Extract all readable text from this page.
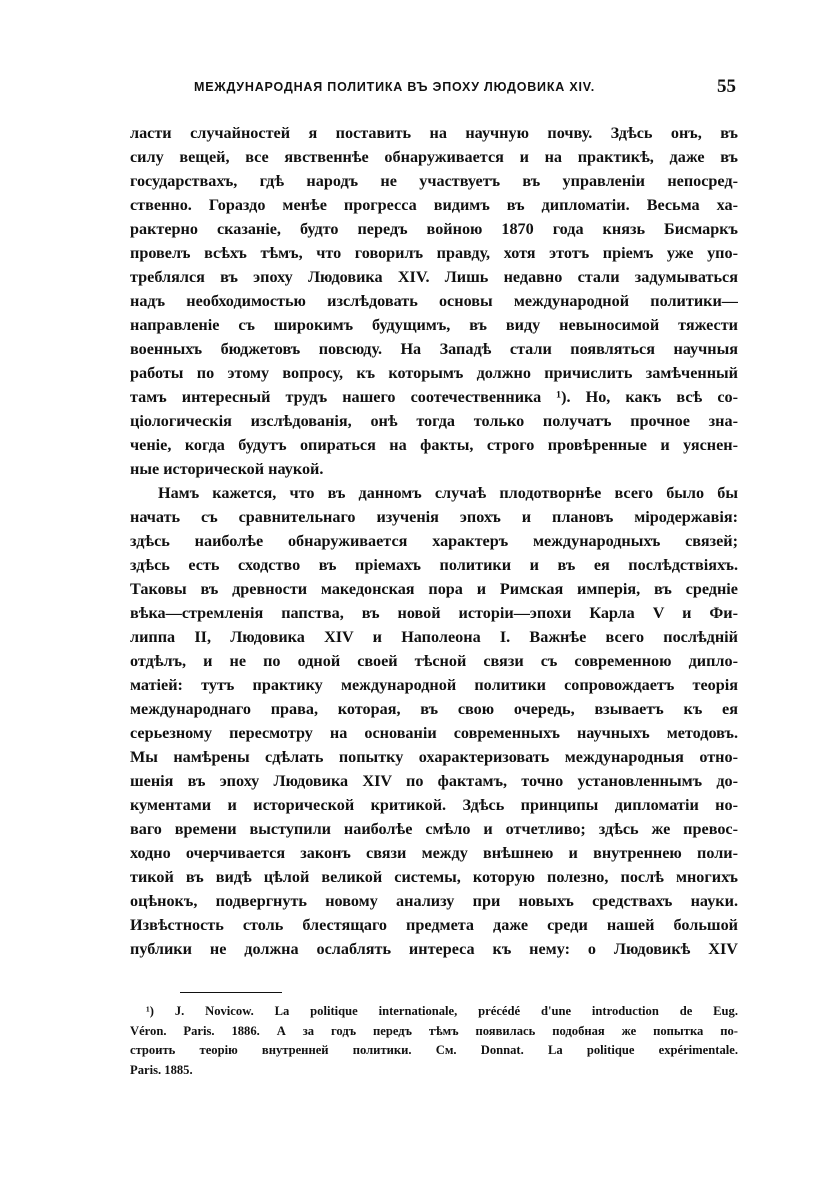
МЕЖДУНАРОДНАЯ ПОЛИТИКА ВЪ ЭПОХУ ЛЮДОВИКА XIV.	55
ласти случайностей я поставить на научную почву. Здѣсь онъ, въ
силу вещей, все явственнѣе обнаруживается и на практикѣ, даже въ
государствахъ, гдѣ народъ не участвуетъ въ управленіи непосред-
ственно. Гораздо менѣе прогресса видимъ въ дипломатіи. Весьма ха-
рактерно сказаніе, будто передъ войною 1870 года князь Бисмаркъ
провелъ всѣхъ тѣмъ, что говорилъ правду, хотя этотъ пріемъ уже упо-
треблялся въ эпоху Людовика XIV. Лишь недавно стали задумываться
надъ необходимостью изслѣдовать основы международной политики—
направленіе съ широкимъ будущимъ, въ виду невыносимой тяжести
военныхъ бюджетовъ повсюду. На Западѣ стали появляться научныя
работы по этому вопросу, къ которымъ должно причислить замѣченный
тамъ интересный трудъ нашего соотечественника ¹). Но, какъ всѣ со-
ціологическія изслѣдованія, онѣ тогда только получатъ прочное зна-
ченіе, когда будутъ опираться на факты, строго провѣренные и уяснен-
ные исторической наукой.
Намъ кажется, что въ данномъ случаѣ плодотворнѣе всего было бы
начать съ сравнительнаго изученія эпохъ и плановъ міродержавія:
здѣсь наиболѣе обнаруживается характеръ международныхъ связей;
здѣсь есть сходство въ пріемахъ политики и въ ея послѣдствіяхъ.
Таковы въ древности македонская пора и Римская имперія, въ средніе
вѣка—стремленія папства, въ новой исторіи—эпохи Карла V и Фи-
липпа II, Людовика XIV и Наполеона I. Важнѣе всего послѣдній
отдѣлъ, и не по одной своей тѣсной связи съ современною дипло-
матіей: тутъ практику международной политики сопровождаетъ теорія
международнаго права, которая, въ свою очередь, взываетъ къ ея
серьезному пересмотру на основаніи современныхъ научныхъ методовъ.
Мы намѣрены сдѣлать попытку охарактеризовать международныя отно-
шенія въ эпоху Людовика XIV по фактамъ, точно установленнымъ до-
кументами и исторической критикой. Здѣсь принципы дипломатіи но-
ваго времени выступили наиболѣе смѣло и отчетливо; здѣсь же превос-
ходно очерчивается законъ связи между внѣшнею и внутреннею поли-
тикой въ видѣ цѣлой великой системы, которую полезно, послѣ многихъ
оцѣнокъ, подвергнуть новому анализу при новыхъ средствахъ науки.
Извѣстность столь блестящаго предмета даже среди нашей большой
публики не должна ослаблять интереса къ нему: о Людовикѣ XIV
¹) J. Novicow. La politique internationale, précédé d'une introduction de Eug.
Véron. Paris. 1886. А за годъ передъ тѣмъ появилась подобная же попытка по-
строить теорію внутренней политики. См. Donnat. La politique expérimentale.
Paris. 1885.
